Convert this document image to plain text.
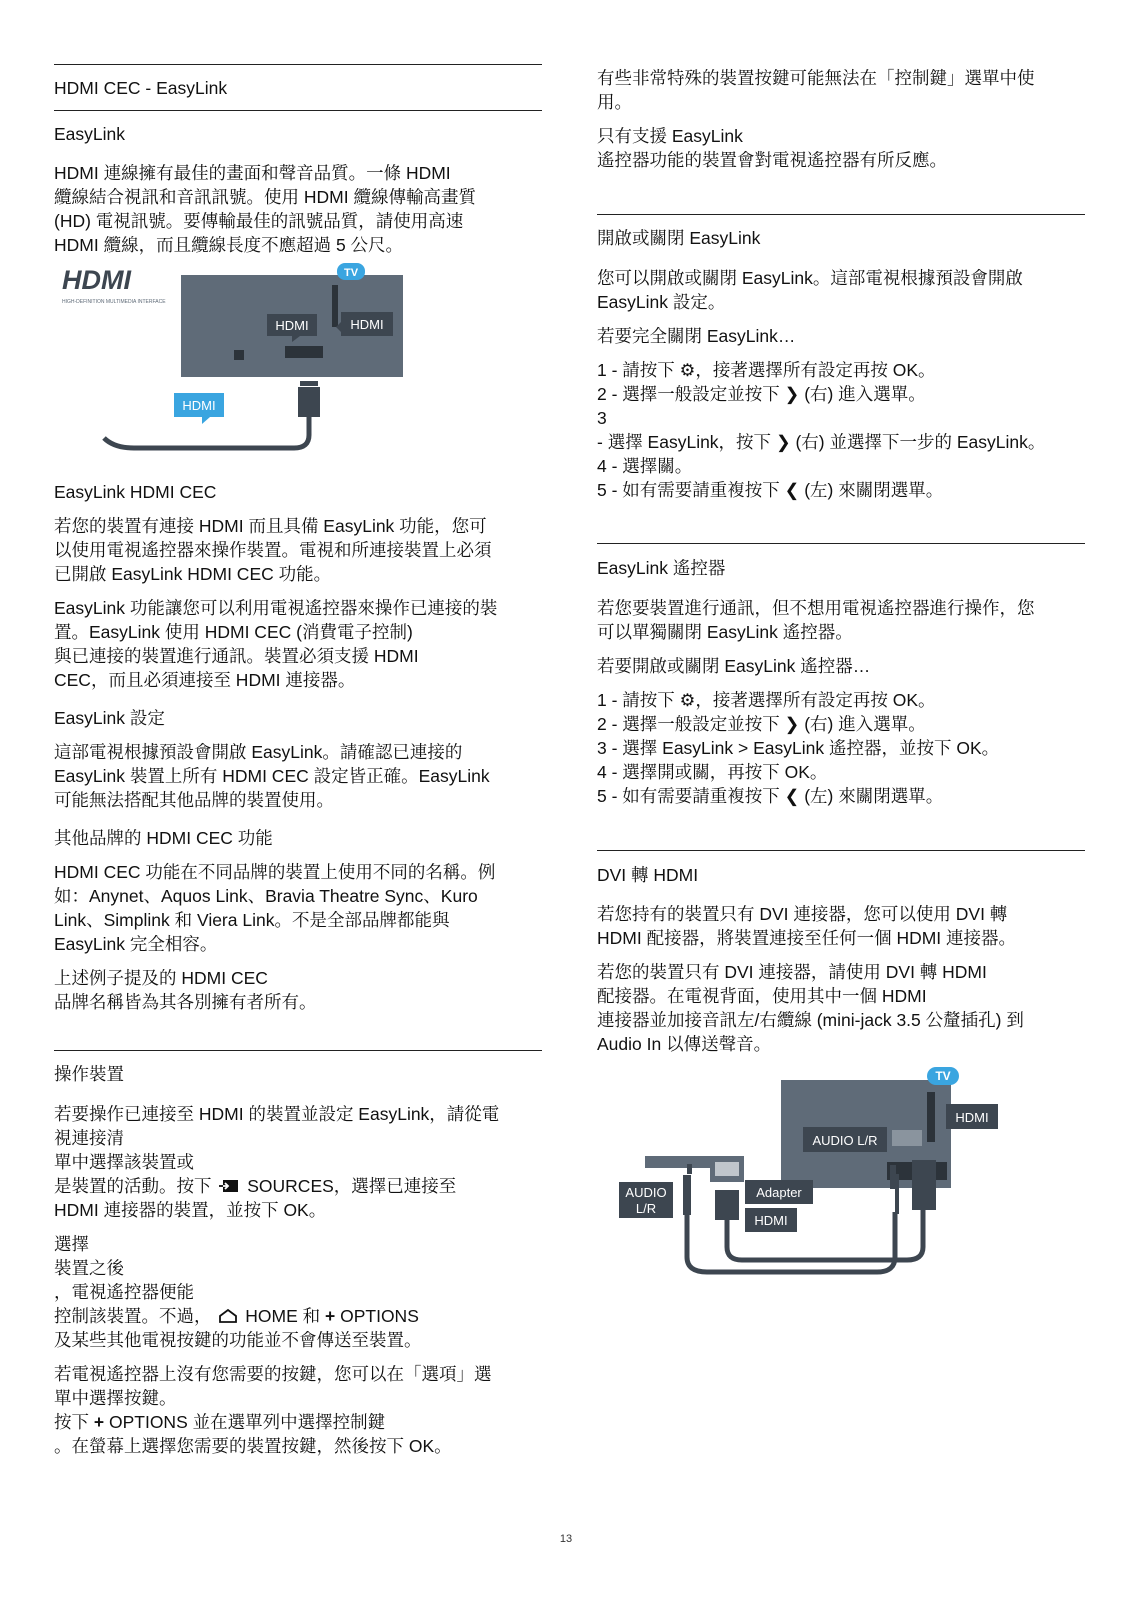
HDMI CEC - EasyLink
EasyLink
HDMI 連線擁有最佳的畫面和聲音品質。一條 HDMI
纜線結合視訊和音訊訊號。使用 HDMI 纜線傳輸高畫質
(HD) 電視訊號。要傳輸最佳的訊號品質，請使用高速
HDMI 纜線，而且纜線長度不應超過 5 公尺。
HDMI
HIGH-DEFINITION MULTIMEDIA INTERFACE
TV
HDMI	HDMI
HDMI
EasyLink HDMI CEC
若您的裝置有連接 HDMI 而且具備 EasyLink 功能，您可
以使用電視遙控器來操作裝置。電視和所連接裝置上必須
已開啟 EasyLink HDMI CEC 功能。
EasyLink 功能讓您可以利用電視遙控器來操作已連接的裝
置。EasyLink 使用 HDMI CEC (消費電子控制)
與已連接的裝置進行通訊。裝置必須支援 HDMI
CEC，而且必須連接至 HDMI 連接器。
EasyLink 設定
這部電視根據預設會開啟 EasyLink。請確認已連接的
EasyLink 裝置上所有 HDMI CEC 設定皆正確。EasyLink
可能無法搭配其他品牌的裝置使用。
其他品牌的 HDMI CEC 功能
HDMI CEC 功能在不同品牌的裝置上使用不同的名稱。例
如：Anynet、Aquos Link、Bravia Theatre Sync、Kuro
Link、Simplink 和 Viera Link。不是全部品牌都能與
EasyLink 完全相容。
上述例子提及的 HDMI CEC
品牌名稱皆為其各別擁有者所有。
操作裝置
若要操作已連接至 HDMI 的裝置並設定 EasyLink，請從電
視連接清
單中選擇該裝置或
是裝置的活動。按下 SOURCES，選擇已連接至
HDMI 連接器的裝置，並按下 OK。
選擇
裝置之後
，電視遙控器便能
控制該裝置。不過， HOME 和 + OPTIONS
及某些其他電視按鍵的功能並不會傳送至裝置。
若電視遙控器上沒有您需要的按鍵，您可以在「選項」選
單中選擇按鍵。
按下 + OPTIONS 並在選單列中選擇控制鍵
。在螢幕上選擇您需要的裝置按鍵，然後按下 OK。
有些非常特殊的裝置按鍵可能無法在「控制鍵」選單中使
用。
只有支援 EasyLink
遙控器功能的裝置會對電視遙控器有所反應。
開啟或關閉 EasyLink
您可以開啟或關閉 EasyLink。這部電視根據預設會開啟
EasyLink 設定。
若要完全關閉 EasyLink…
1 - 請按下 ⚙，接著選擇所有設定再按 OK。
2 - 選擇一般設定並按下 ❯ (右) 進入選單。
3
- 選擇 EasyLink，按下 ❯ (右) 並選擇下一步的 EasyLink。
4 - 選擇關。
5 - 如有需要請重複按下 ❮ (左) 來關閉選單。
EasyLink 遙控器
若您要裝置進行通訊，但不想用電視遙控器進行操作，您
可以單獨關閉 EasyLink 遙控器。
若要開啟或關閉 EasyLink 遙控器…
1 - 請按下 ⚙，接著選擇所有設定再按 OK。
2 - 選擇一般設定並按下 ❯ (右) 進入選單。
3 - 選擇 EasyLink > EasyLink 遙控器，並按下 OK。
4 - 選擇開或關，再按下 OK。
5 - 如有需要請重複按下 ❮ (左) 來關閉選單。
DVI 轉 HDMI
若您持有的裝置只有 DVI 連接器，您可以使用 DVI 轉
HDMI 配接器，將裝置連接至任何一個 HDMI 連接器。
若您的裝置只有 DVI 連接器，請使用 DVI 轉 HDMI
配接器。在電視背面，使用其中一個 HDMI
連接器並加接音訊左/右纜線 (mini-jack 3.5 公釐插孔) 到
Audio In 以傳送聲音。
TV
HDMI
AUDIO L/R
AUDIO
L/R
Adapter
HDMI
13
